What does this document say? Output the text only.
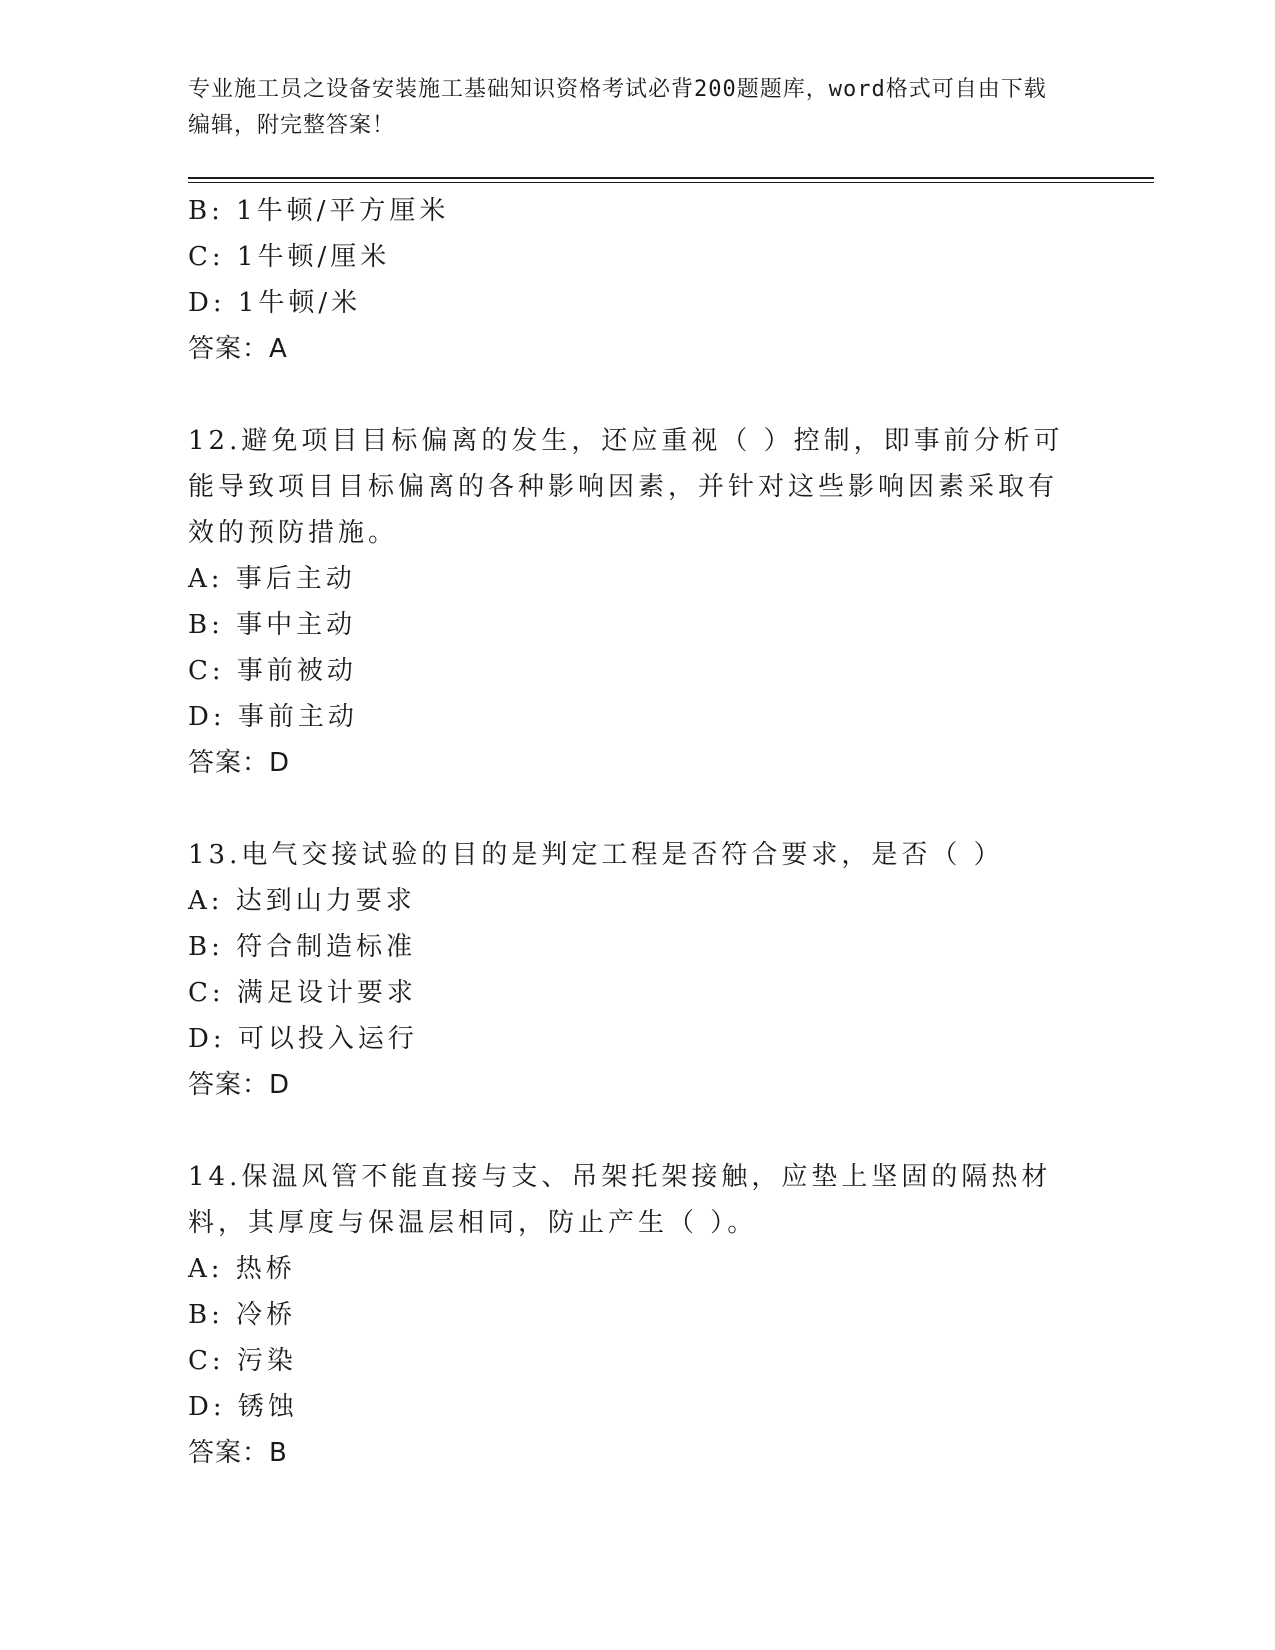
专业施工员之设备安装施工基础知识资格考试必背200题题库，word格式可自由下载编辑，附完整答案！
B: 1牛顿/平方厘米
C: 1牛顿/厘米
D: 1牛顿/米
答案：A
12.避免项目目标偏离的发生，还应重视（ ）控制，即事前分析可能导致项目目标偏离的各种影响因素，并针对这些影响因素采取有效的预防措施。
A: 事后主动
B: 事中主动
C: 事前被动
D: 事前主动
答案：D
13.电气交接试验的目的是判定工程是否符合要求，是否（ ）
A: 达到山力要求
B: 符合制造标准
C: 满足设计要求
D: 可以投入运行
答案：D
14.保温风管不能直接与支、吊架托架接触，应垫上坚固的隔热材料，其厚度与保温层相同，防止产生（ ）。
A: 热桥
B: 冷桥
C: 污染
D: 锈蚀
答案：B
